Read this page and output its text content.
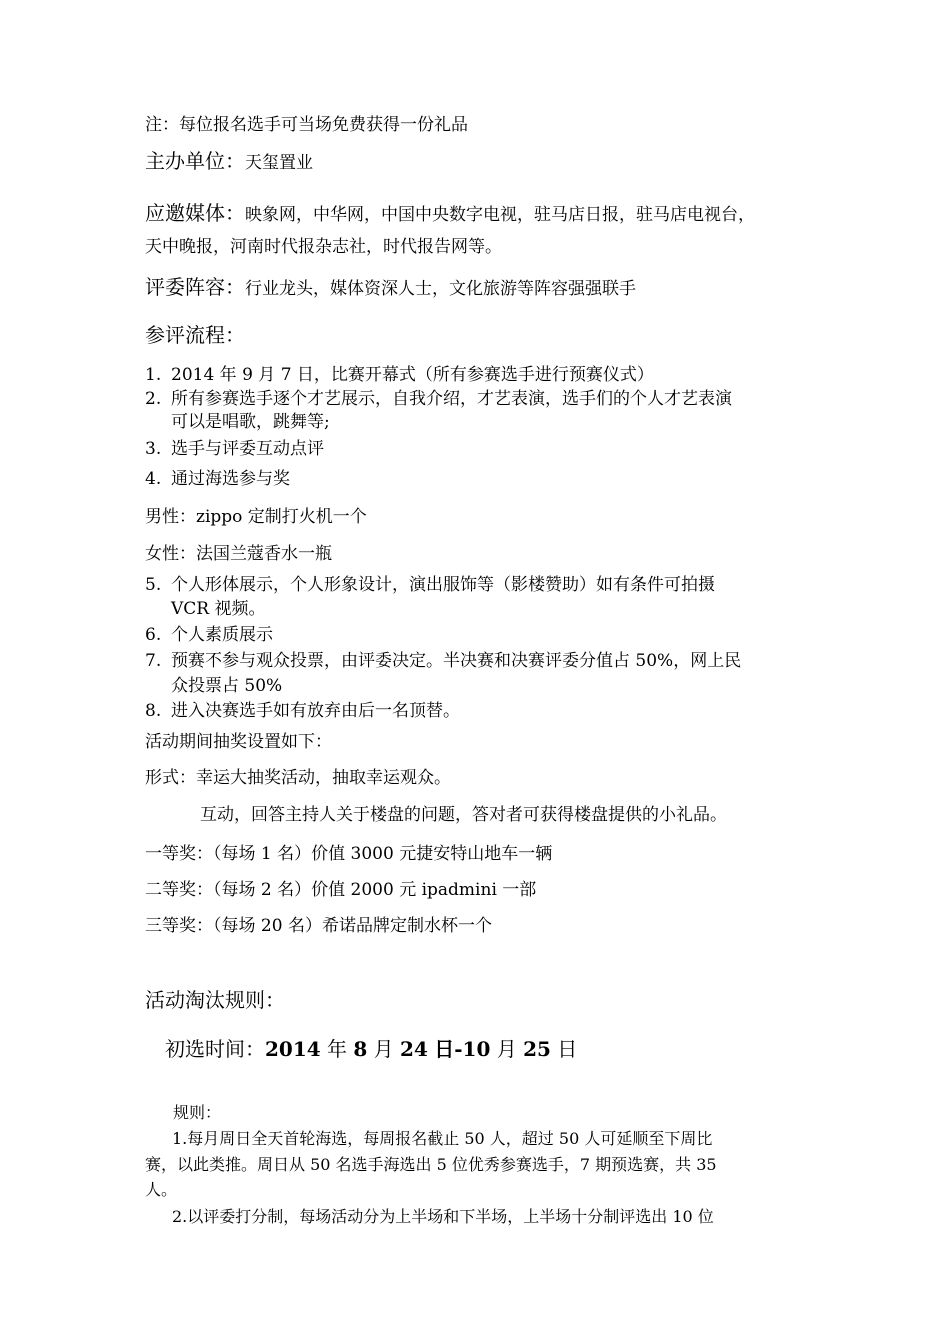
注：每位报名选手可当场免费获得一份礼品
主办单位：天玺置业
应邀媒体：映象网，中华网，中国中央数字电视，驻马店日报，驻马店电视台，
天中晚报，河南时代报杂志社，时代报告网等。
评委阵容：行业龙头，媒体资深人士，文化旅游等阵容强强联手
参评流程：
1. 2014 年 9 月 7 日，比赛开幕式（所有参赛选手进行预赛仪式）
2. 所有参赛选手逐个才艺展示，自我介绍，才艺表演，选手们的个人才艺表演
可以是唱歌，跳舞等;
3. 选手与评委互动点评
4. 通过海选参与奖
男性：zippo 定制打火机一个
女性：法国兰蔻香水一瓶
5. 个人形体展示，个人形象设计，演出服饰等（影楼赞助）如有条件可拍摄
VCR 视频。
6. 个人素质展示
7. 预赛不参与观众投票，由评委决定。半决赛和决赛评委分值占 50%，网上民
众投票占 50%
8. 进入决赛选手如有放弃由后一名顶替。
活动期间抽奖设置如下：
形式：幸运大抽奖活动，抽取幸运观众。
互动，回答主持人关于楼盘的问题，答对者可获得楼盘提供的小礼品。
一等奖：（每场 1 名）价值 3000 元捷安特山地车一辆
二等奖：（每场 2 名）价值 2000 元 ipadmini 一部
三等奖：（每场 20 名）希诺品牌定制水杯一个
活动淘汰规则：
初选时间：2014 年 8 月 24 日-10 月 25 日
规则：
1.每月周日全天首轮海选，每周报名截止 50 人，超过 50 人可延顺至下周比
赛，以此类推。周日从 50 名选手海选出 5 位优秀参赛选手，7 期预选赛，共 35
人。
2.以评委打分制，每场活动分为上半场和下半场，上半场十分制评选出 10 位
